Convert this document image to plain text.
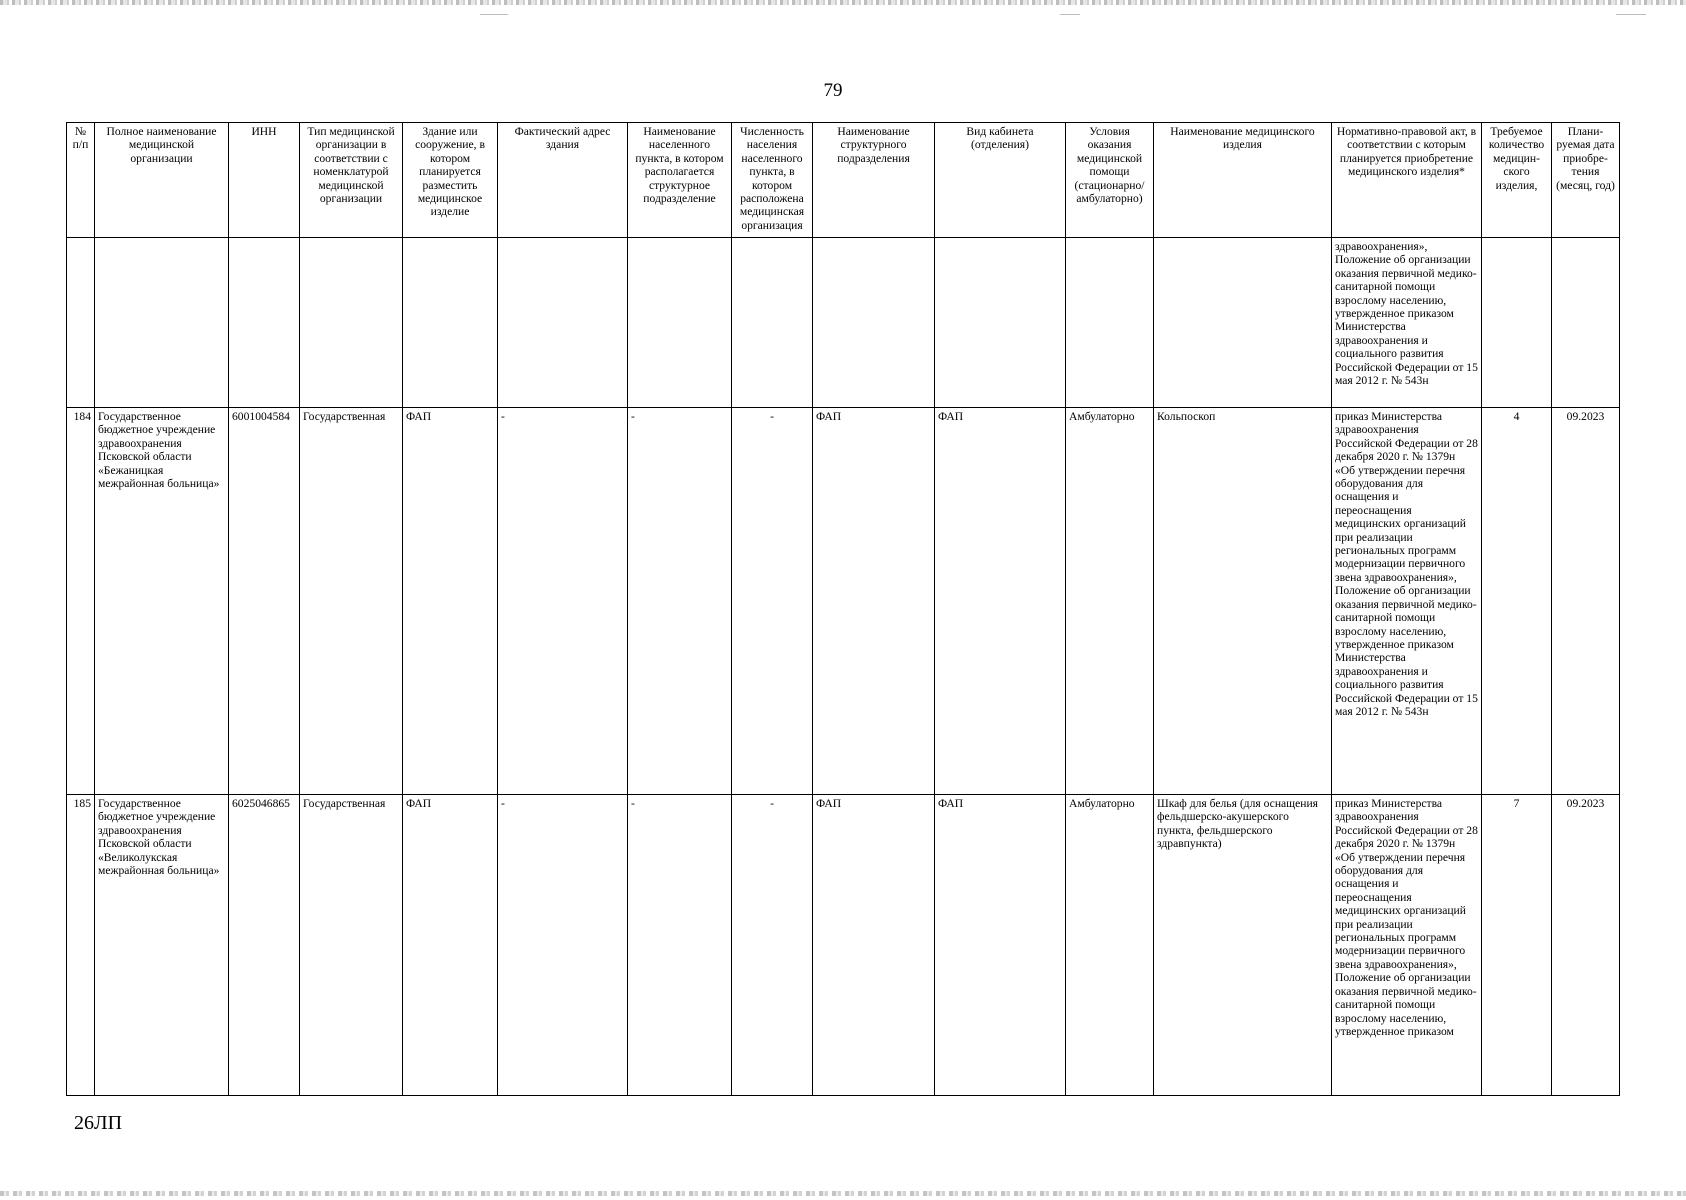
79
№ п/п	Полное наименование медицинской организации	ИНН	Тип медицинской организации в соответствии с номенклатурой медицинской организации	Здание или сооружение, в котором планируется разместить медицинское изделие	Фактический адрес здания	Наименование населенного пункта, в котором располагается структурное подразделение	Численность населения населенного пункта, в котором расположена медицинская организация	Наименование структурного подразделения	Вид кабинета (отделения)	Условия оказания медицинской помощи (стационарно/ амбулаторно)	Наименование медицинского изделия	Нормативно-правовой акт, в соответствии с которым планируется приобретение медицинского изделия*	Требуемое количество медицин-ского изделия,	Плани-руемая дата приобре-тения (месяц, год)
												здравоохранения», Положение об организации оказания первичной медико-санитарной помощи взрослому населению, утвержденное приказом Министерства здравоохранения и социального развития Российской Федерации от 15 мая 2012 г. № 543н		
184	Государственное бюджетное учреждение здравоохранения Псковской области «Бежаницкая межрайонная больница»	6001004584	Государственная	ФАП	-	-	-	ФАП	ФАП	Амбулаторно	Кольпоскоп	приказ Министерства здравоохранения Российской Федерации от 28 декабря 2020 г. № 1379н «Об утверждении перечня оборудования для оснащения и переоснащения медицинских организаций при реализации региональных программ модернизации первичного звена здравоохранения», Положение об организации оказания первичной медико-санитарной помощи взрослому населению, утвержденное приказом Министерства здравоохранения и социального развития Российской Федерации от 15 мая 2012 г. № 543н	4	09.2023
185	Государственное бюджетное учреждение здравоохранения Псковской области «Великолукская межрайонная больница»	6025046865	Государственная	ФАП	-	-	-	ФАП	ФАП	Амбулаторно	Шкаф для белья (для оснащения фельдшерско-акушерского пункта, фельдшерского здравпункта)	приказ Министерства здравоохранения Российской Федерации от 28 декабря 2020 г. № 1379н «Об утверждении перечня оборудования для оснащения и переоснащения медицинских организаций при реализации региональных программ модернизации первичного звена здравоохранения», Положение об организации оказания первичной медико-санитарной помощи взрослому населению, утвержденное приказом	7	09.2023
26ЛП
